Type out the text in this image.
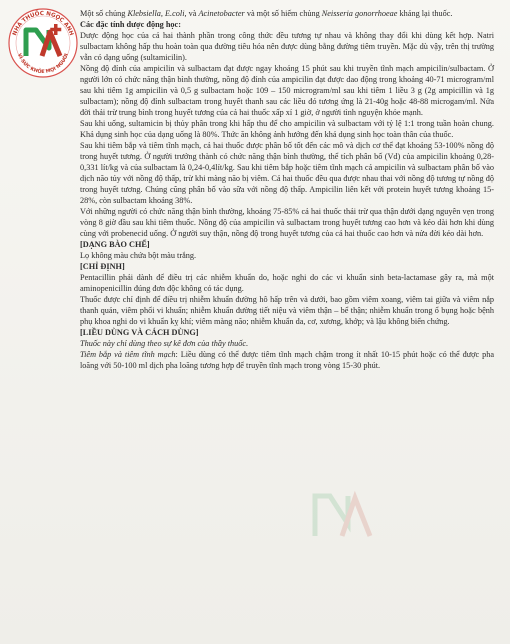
NHÀ THUỐC NGỌC ANH
VÌ SỨC KHỎE MỌI NGƯỜI

Một số chủng Klebsiella, E.coli, và Acinetobacter và một số hiếm chủng Neisseria gonorrhoeae kháng lại thuốc.

Các đặc tính dược động học:

Dược động học của cả hai thành phần trong công thức đều tương tự nhau và không thay đổi khi dùng kết hợp. Natri sulbactam không hấp thu hoàn toàn qua đường tiêu hóa nên được dùng bằng đường tiêm truyền. Mặc dù vậy, trên thị trường vẫn có dạng uống (sultamicilin).

Nồng độ đỉnh của ampicilin và sulbactam đạt được ngay khoảng 15 phút sau khi truyền tĩnh mạch ampicilin/sulbactam. Ở người lớn có chức năng thận bình thường, nồng độ đỉnh của ampicilin đạt được dao động trong khoảng 40-71 microgram/ml sau khi tiêm 1g ampicilin và 0,5 g sulbactam hoặc 109 – 150 microgram/ml sau khi tiêm 1 liều 3 g (2g ampicillin và 1g sulbactam); nồng độ đỉnh sulbactam trong huyết thanh sau các liều đó tương ứng là 21-40g hoặc 48-88 microgam/ml. Nửa đời thải trừ trung bình trong huyết tương của cả hai thuốc xấp xỉ 1 giờ, ở người tình nguyện khỏe mạnh.

Sau khi uống, sultamicin bị thủy phân trong khi hấp thu để cho ampicilin và sulbactam với tỷ lệ 1:1 trong tuần hoàn chung. Khả dụng sinh học của dạng uống là 80%. Thức ăn không ảnh hưởng đến khả dụng sinh học toàn thân của thuốc.

Sau khi tiêm bắp và tiêm tĩnh mạch, cả hai thuốc được phân bố tốt đến các mô và dịch cơ thể đạt khoảng 53-100% nồng độ trong huyết tương. Ở người trưởng thành có chức năng thận bình thường, thể tích phân bố (Vd) của ampicilin khoảng 0,28-0,331 lít/kg và của sulbactam là 0,24-0,4lít/kg. Sau khi tiêm bắp hoặc tiêm tĩnh mạch cả ampicilin và sulbactam phân bố vào dịch não tủy với nồng độ thấp, trừ khi màng não bị viêm. Cả hai thuốc đều qua được nhau thai với nồng độ tương tự nồng độ trong huyết tương. Chúng cũng phân bố vào sữa với nồng độ thấp. Ampicilin liên kết với protein huyết tương khoảng 15-28%, còn sulbactam khoảng 38%.

Với những người có chức năng thận bình thường, khoảng 75-85% cả hai thuốc thải trừ qua thận dưới dạng nguyên vẹn trong vòng 8 giờ đầu sau khi tiêm thuốc. Nồng độ của ampicilin và sulbactam trong huyết tương cao hơn và kéo dài hơn khi dùng cùng với probenecid uống. Ở người suy thận, nồng độ trong huyết tương của cả hai thuốc cao hơn và nửa đời kéo dài hơn.

[DẠNG BÀO CHẾ]

Lọ không màu chứa bột màu trắng.

[CHỈ ĐỊNH]

Pentacillin phải dành để điều trị các nhiễm khuẩn do, hoặc nghi do các vi khuẩn sinh beta-lactamase gây ra, mà một aminopenicillin đúng đơn độc không có tác dụng.

Thuốc được chỉ định để điều trị nhiễm khuẩn đường hô hấp trên và dưới, bao gồm viêm xoang, viêm tai giữa và viêm nắp thanh quản, viêm phổi vi khuẩn; nhiễm khuẩn đường tiết niệu và viêm thận – bể thận; nhiễm khuẩn trong ổ bụng hoặc bệnh phụ khoa nghi do vi khuẩn kỵ khí; viêm màng não; nhiễm khuẩn da, cơ, xương, khớp; và lậu không biến chứng.

[LIỀU DÙNG VÀ CÁCH DÙNG]

Thuốc này chỉ dùng theo sự kê đơn của thầy thuốc.

Tiêm bắp và tiêm tĩnh mạch: Liều dùng có thể được tiêm tĩnh mạch chậm trong ít nhất 10-15 phút hoặc có thể được pha loãng với 50-100 ml dịch pha loãng tương hợp để truyền tĩnh mạch trong vòng 15-30 phút.
